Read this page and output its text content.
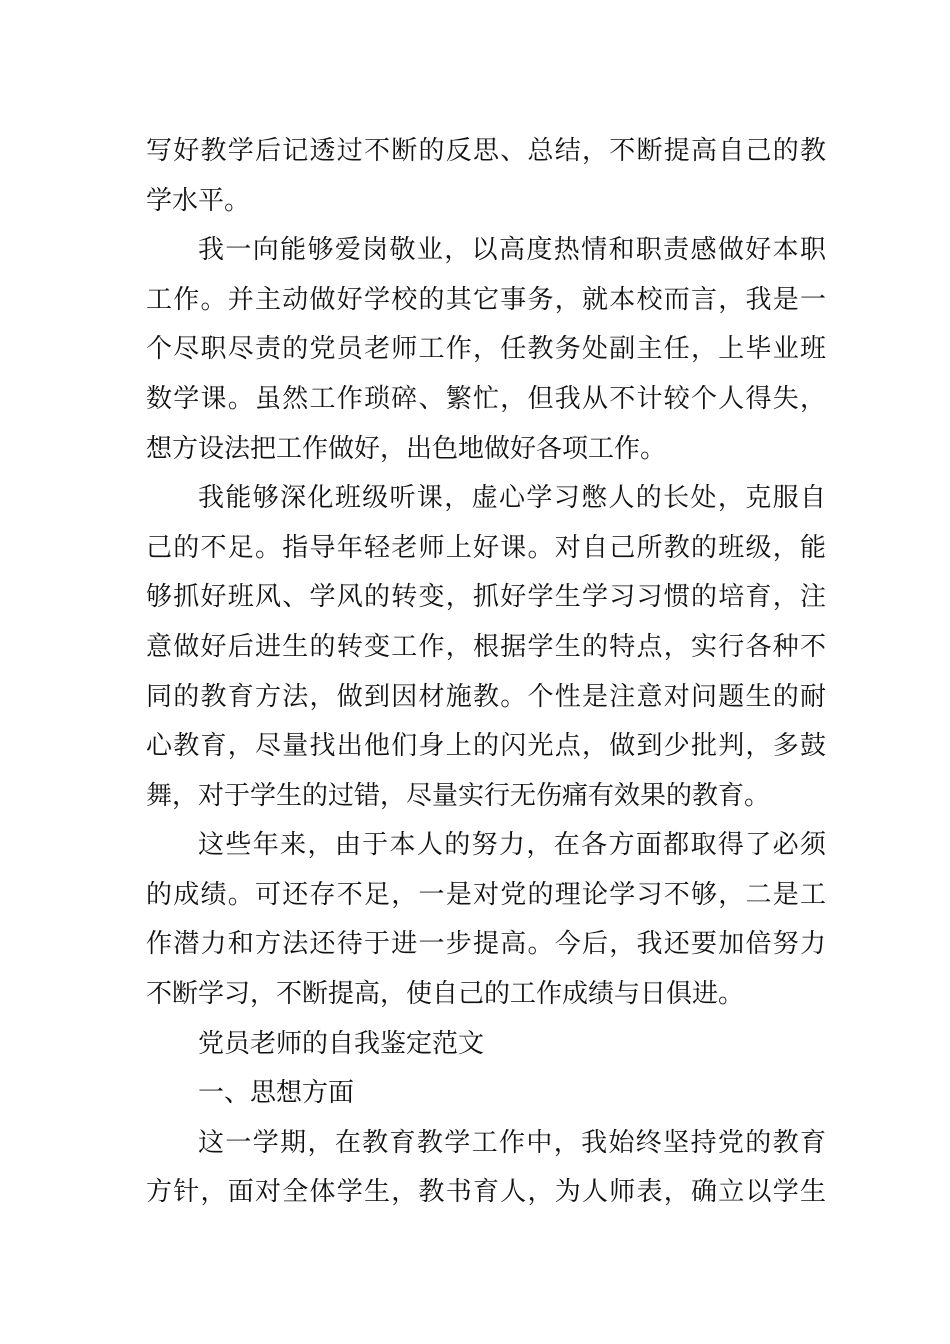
写好教学后记透过不断的反思、总结，不断提高自己的教
学水平。
我一向能够爱岗敬业，以高度热情和职责感做好本职
工作。并主动做好学校的其它事务，就本校而言，我是一
个尽职尽责的党员老师工作，任教务处副主任，上毕业班
数学课。虽然工作琐碎、繁忙，但我从不计较个人得失，
想方设法把工作做好，出色地做好各项工作。
我能够深化班级听课，虚心学习憋人的长处，克服自
己的不足。指导年轻老师上好课。对自己所教的班级，能
够抓好班风、学风的转变，抓好学生学习习惯的培育，注
意做好后进生的转变工作，根据学生的特点，实行各种不
同的教育方法，做到因材施教。个性是注意对问题生的耐
心教育，尽量找出他们身上的闪光点，做到少批判，多鼓
舞，对于学生的过错，尽量实行无伤痛有效果的教育。
这些年来，由于本人的努力，在各方面都取得了必须
的成绩。可还存不足，一是对党的理论学习不够，二是工
作潜力和方法还待于进一步提高。今后，我还要加倍努力
不断学习，不断提高，使自己的工作成绩与日俱进。
党员老师的自我鉴定范文
一、思想方面
这一学期，在教育教学工作中，我始终坚持党的教育
方针，面对全体学生，教书育人，为人师表，确立以学生
